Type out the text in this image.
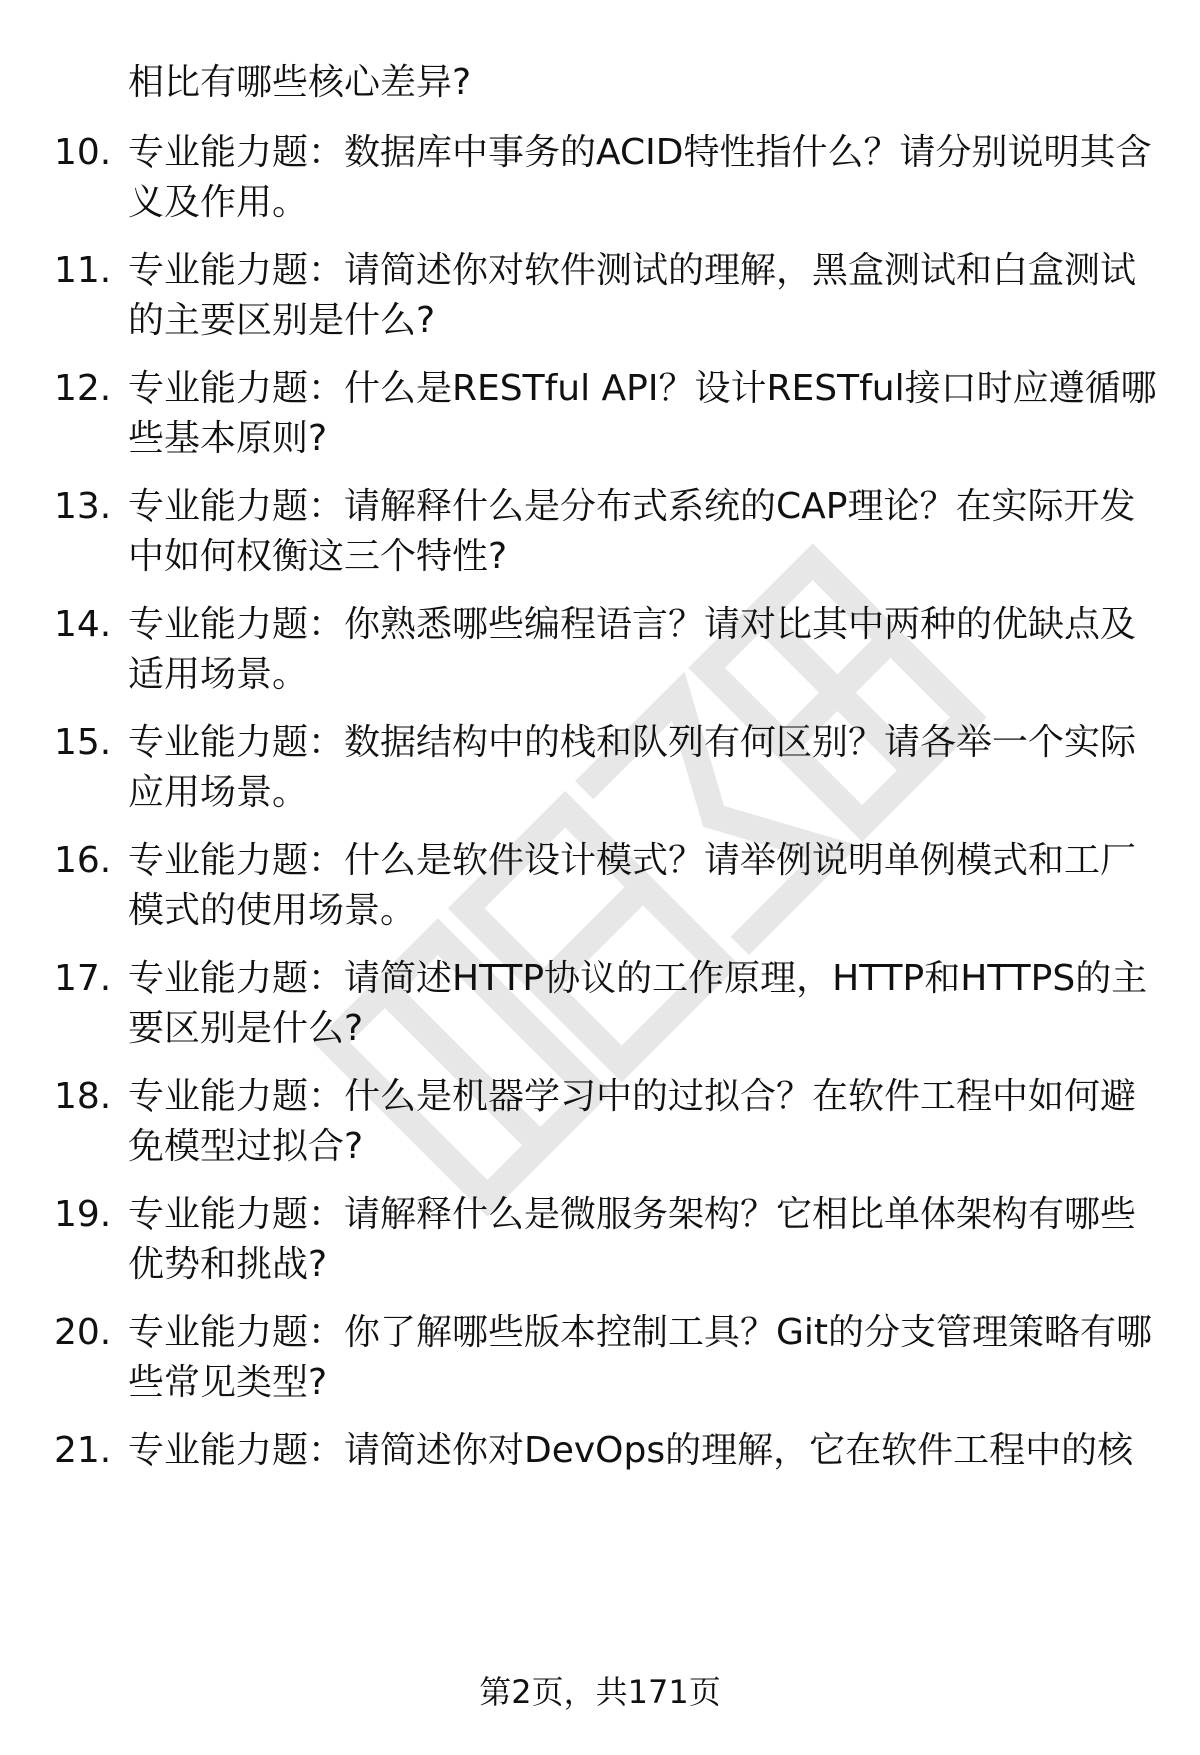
相比有哪些核心差异?
10. 专业能力题：数据库中事务的ACID特性指什么？请分别说明其含
义及作用。
11. 专业能力题：请简述你对软件测试的理解，黑盒测试和白盒测试
的主要区别是什么?
12. 专业能力题：什么是RESTful API？设计RESTful接口时应遵循哪
些基本原则?
13. 专业能力题：请解释什么是分布式系统的CAP理论？在实际开发
中如何权衡这三个特性?
14. 专业能力题：你熟悉哪些编程语言？请对比其中两种的优缺点及
适用场景。
15. 专业能力题：数据结构中的栈和队列有何区别？请各举一个实际
应用场景。
16. 专业能力题：什么是软件设计模式？请举例说明单例模式和工厂
模式的使用场景。
17. 专业能力题：请简述HTTP协议的工作原理，HTTP和HTTPS的主
要区别是什么?
18. 专业能力题：什么是机器学习中的过拟合？在软件工程中如何避
免模型过拟合?
19. 专业能力题：请解释什么是微服务架构？它相比单体架构有哪些
优势和挑战?
20. 专业能力题：你了解哪些版本控制工具？Git的分支管理策略有哪
些常见类型?
21. 专业能力题：请简述你对DevOps的理解，它在软件工程中的核
第2页，共171页
